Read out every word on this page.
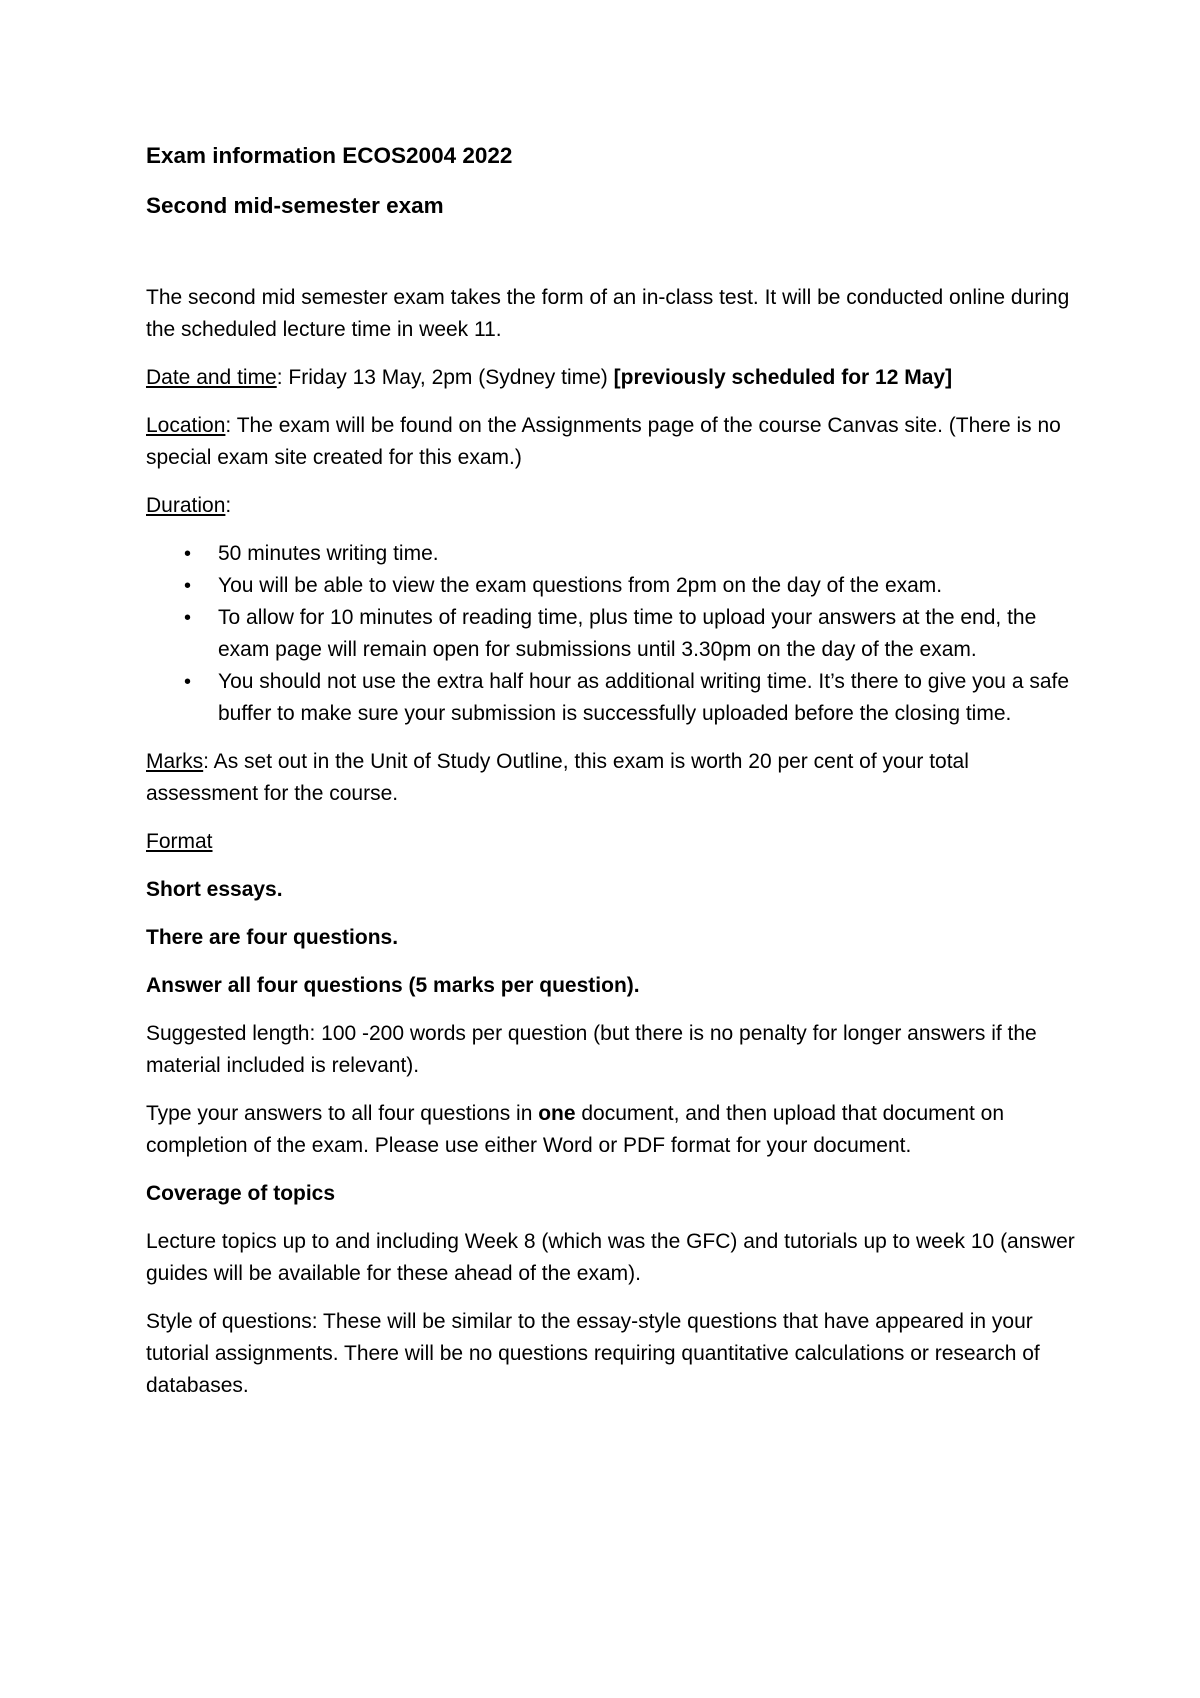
Exam information ECOS2004 2022
Second mid-semester exam

The second mid semester exam takes the form of an in-class test. It will be conducted online during the scheduled lecture time in week 11.

Date and time: Friday 13 May, 2pm (Sydney time) [previously scheduled for 12 May]

Location: The exam will be found on the Assignments page of the course Canvas site. (There is no special exam site created for this exam.)

Duration:

• 50 minutes writing time.
• You will be able to view the exam questions from 2pm on the day of the exam.
• To allow for 10 minutes of reading time, plus time to upload your answers at the end, the exam page will remain open for submissions until 3.30pm on the day of the exam.
• You should not use the extra half hour as additional writing time. It’s there to give you a safe buffer to make sure your submission is successfully uploaded before the closing time.

Marks: As set out in the Unit of Study Outline, this exam is worth 20 per cent of your total assessment for the course.

Format

Short essays.

There are four questions.

Answer all four questions (5 marks per question).

Suggested length: 100 -200 words per question (but there is no penalty for longer answers if the material included is relevant).

Type your answers to all four questions in one document, and then upload that document on completion of the exam. Please use either Word or PDF format for your document.

Coverage of topics

Lecture topics up to and including Week 8 (which was the GFC) and tutorials up to week 10 (answer guides will be available for these ahead of the exam).

Style of questions: These will be similar to the essay-style questions that have appeared in your tutorial assignments. There will be no questions requiring quantitative calculations or research of databases.
